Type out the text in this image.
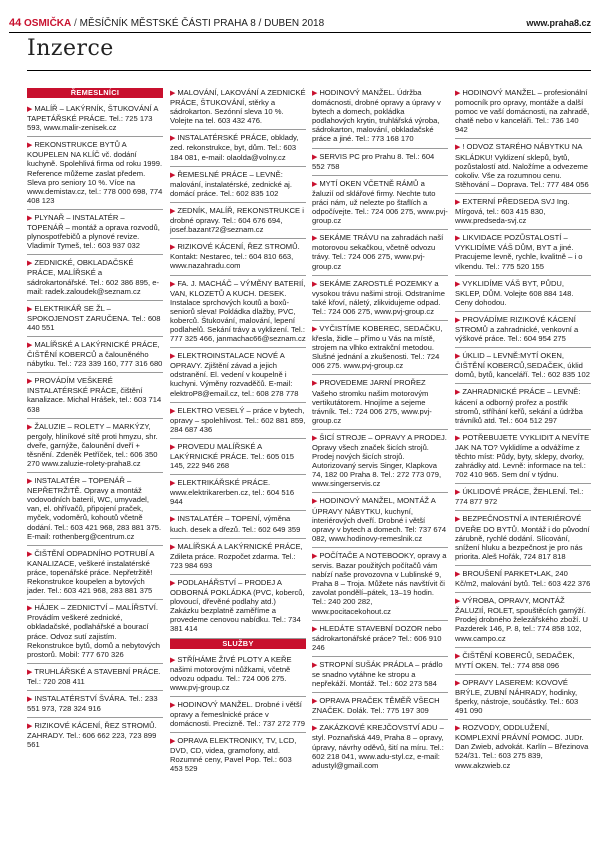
44 OSMIČKA / MĚSÍČNÍK MĚSTSKÉ ČÁSTI PRAHA 8 / DUBEN 2018	www.praha8.cz
Inzerce
ŘEMESLNÍCI
▶ MALÍŘ – LAKÝRNÍK, ŠTUKOVÁNÍ A TAPETÁŘSKÉ PRÁCE. Tel.: 725 173 593, www.malir-zenisek.cz
▶ REKONSTRUKCE BYTŮ A KOUPELEN NA KLÍČ vč. dodání kuchyně. Spolehlivá firma od roku 1999. Reference můžeme zaslat předem. Sleva pro seniory 10 %. Více na www.demistav.cz, tel.: 778 000 698, 774 408 123
▶ PLYNAŘ – INSTALATÉR – TOPENÁŘ – montáž a oprava rozvodů, plynospotřebičů a plynové revize. Vladimír Tymeš, tel.: 603 937 032
▶ ZEDNICKÉ, OBKLADAČSKÉ PRÁCE, MALÍŘSKÉ a sádrokartonářské. Tel.: 602 386 895, e-mail: radek.zaloudek@seznam.cz
▶ ELEKTRIKÁŘ SE ŽL – SPOKOJENOST ZARUČENA. Tel.: 608 440 551
▶ MALÍŘSKÉ A LAKÝRNICKÉ PRÁCE, ČIŠTĚNÍ KOBERCŮ a čalouněného nábytku. Tel.: 723 339 160, 777 316 680
▶ PROVÁDÍM VEŠKERÉ INSTALATÉRSKÉ PRÁCE, čištění kanalizace. Michal Hrášek, tel.: 603 714 638
▶ ŽALUZIE – ROLETY – MARKÝZY, pergoly, hliníkové sítě proti hmyzu, shr. dveře, garnýže, čalounění dveří + těsnění. Zdeněk Petříček, tel.: 606 350 270 www.zaluzie-rolety-praha8.cz
▶ INSTALATÉR – TOPENÁŘ – NEPŘETRŽITĚ. Opravy a montáž vodovodních baterií, WC, umyvadel, van, el. ohřívačů, připojení praček, myček, vodoměrů, kohoutů včetně dodání. Tel.: 603 421 968, 283 881 375. E-mail: rothenberg@centrum.cz
▶ ČIŠTĚNÍ ODPADNÍHO POTRUBÍ A KANALIZACE, veškeré instalatérské práce, topenářské práce. Nepřetržitě! Rekonstrukce koupelen a bytových jader. Tel.: 603 421 968, 283 881 375
▶ HÁJEK – ZEDNICTVÍ – MALÍŘSTVÍ. Provádím veškeré zednické, obkladačské, podlahářské a bourací práce. Odvoz sutí zajistím. Rekonstrukce bytů, domů a nebytových prostorů. Mobil: 777 670 326
▶ TRUHLÁŘSKÉ A STAVEBNÍ PRÁCE. Tel.: 720 208 411
▶ INSTALATÉRSTVÍ ŠVÁRA. Tel.: 233 551 973, 728 324 916
▶ RIZIKOVÉ KÁCENÍ, ŘEZ STROMŮ. ZAHRADY. Tel.: 606 662 223, 723 899 561
▶ MALOVÁNÍ, LAKOVÁNÍ A ZEDNICKÉ PRÁCE, ŠTUKOVÁNÍ, stěrky a sádrokarton. Sezónní sleva 10 %. Volejte na tel. 603 432 476.
▶ INSTALATÉRSKÉ PRÁCE, obklady, zed. rekonstrukce, byt, dům. Tel.: 603 184 081, e-mail: olaolda@volny.cz
▶ ŘEMESLNÉ PRÁCE – LEVNĚ: malování, instalatérské, zednické aj. domácí práce. Tel.: 602 835 102
▶ ZEDNÍK, MALÍŘ, REKONSTRUKCE i drobné opravy. Tel.: 604 676 694, josef.bazant72@seznam.cz
▶ RIZIKOVÉ KÁCENÍ, ŘEZ STROMŮ. Kontakt: Nestarec, tel.: 604 810 663, www.nazahradu.com
▶ FA. J. MACHÁČ – VÝMĚNY BATERIÍ, VAN, KLOZETŮ A KUCH. DESEK. Instalace sprchových koutů a boxů-seniorů sleva! Pokládka dlažby, PVC, koberců. Štukování, malování, lepení podlahelů. Sekání trávy a vyklizení. Tel.: 777 325 466, janmachac66@seznam.cz
▶ ELEKTROINSTALACE NOVÉ A OPRAVY. Zjištění závad a jejich odstranění. El. vedení v koupelně i kuchyni. Výměny rozvaděčů. E-mail: elektroP8@email.cz, tel.: 608 278 778
▶ ELEKTRO VESELÝ – práce v bytech, opravy – spolehlivost. Tel.: 602 881 859, 284 687 436
▶ PROVEDU MALÍŘSKÉ A LAKÝRNICKÉ PRÁCE. Tel.: 605 015 145, 222 946 268
▶ ELEKTRIKÁŘSKÉ PRÁCE. www.elektrikarerben.cz, tel.: 604 516 944
▶ INSTALATÉR – TOPENÍ, výměna kuch. desek a dřezů. Tel.: 602 649 359
▶ MALÍŘSKÁ A LAKÝRNICKÉ PRÁCE, Zdileta práce. Rozpočet zdarma. Tel.: 723 984 693
▶ PODLAHÁŘSTVÍ – PRODEJ A ODBORNÁ POKLÁDKA (PVC, koberců, plovoucí, dřevěné podlahy atd.) Zakázku bezplatně zaměříme a provedeme cenovou nabídku. Tel.: 734 381 414
SLUŽBY
▶ STŘÍHÁME ŽIVÉ PLOTY A KEŘE našimi motorovými nůžkami, včetně odvozu odpadu. Tel.: 724 006 275. www.pvj-group.cz
▶ HODINOVÝ MANŽEL. Drobné i větší opravy a řemeslnické práce v domácnosti. Precizně. Tel.: 737 272 779
▶ OPRAVA ELEKTRONIKY, TV, LCD, DVD, CD, videa, gramofony, atd. Rozumné ceny, Pavel Pop. Tel.: 603 453 529
▶ HODINOVÝ MANŽEL. Údržba domácnosti, drobné opravy a úpravy v bytech a domech, pokládka podlahových krytin, truhlářská výroba, sádrokarton, malování, obkladačské práce a jiné. Tel.: 773 168 170
▶ SERVIS PC pro Prahu 8. Tel.: 604 552 758
▶ MYTÍ OKEN VČETNĚ RÁMŮ a žaluzií od sklářové firmy. Nechte tuto práci nám, už nelezte po štaflích a odpočívejte. Tel.: 724 006 275, www.pvj-group.cz
▶ SEKÁME TRÁVU na zahradách naší motorovou sekačkou, včetně odvozu trávy. Tel.: 724 006 275, www.pvj-group.cz
▶ SEKÁME ZAROSTLÉ POZEMKY a vysokou trávu našimi stroji. Odstraníme také křoví, náletý, zlikvidujeme odpad. Tel.: 724 006 275, www.pvj-group.cz
▶ VYČISTÍME KOBEREC, SEDAČKU, křesla, židle – přímo u Vás na místě, strojem na vlhko extrakční metodou. Slušné jednání a zkušenosti. Tel.: 724 006 275. www.pvj-group.cz
▶ PROVEDEME JARNÍ PROŘEZ Vašeho stromku našim motorovým vertikutátorem. Hnojíme a sejeme trávník. Tel.: 724 006 275, www.pvj-group.cz
▶ ŠICÍ STROJE – OPRAVY A PRODEJ. Opravy všech značek šicích strojů. Prodej nových šicích strojů. Autorizovaný servis Singer, Klapkova 74, 182 00 Praha 8. Tel.: 272 773 079, www.singerservis.cz
▶ HODINOVÝ MANŽEL, MONTÁŽ A ÚPRAVY NÁBYTKU, kuchyní, interiérových dveří. Drobné i větší opravy v bytech a domech. Tel: 737 674 082, www.hodinovy-remeslnik.cz
▶ POČÍTAČE A NOTEBOOKY, opravy a servis. Bazar použitých počítačů vám nabízí naše provozovna v Lublinské 9, Praha 8 – Troja. Můžete nás navštívit či zavolat pondělí–pátek, 13–19 hodin. Tel.: 240 200 282, www.pocitacekohout.cz
▶ HLEDÁTE STAVEBNÍ DOZOR nebo sádrokartonářské práce? Tel.: 606 910 246
▶ STROPNÍ SUŠÁK PRÁDLA – prádlo se snadno vytáhne ke stropu a nepřekáží. Montáž. Tel.: 602 273 584
▶ OPRAVA PRAČEK TĚMĚŘ VŠECH ZNAČEK. Dolák. Tel.: 775 197 309
▶ ZAKÁZKOVÉ KREJČOVSTVÍ ADU – styl. Poznaňská 449, Praha 8 – opravy, úpravy, návrhy oděvů, šití na míru. Tel.: 602 218 041, www.adu-styl.cz, e-mail: adustyl@gmail.com
▶ HODINOVÝ MANŽEL – profesionální pomocník pro opravy, montáže a další pomoc ve vaší domácnosti, na zahradě, chatě nebo v kanceláři. Tel.: 736 140 942
▶ ! ODVOZ STARÉHO NÁBYTKU NA SKLÁDKU! Vyklizení sklepů, bytů, pozůstalostí atd. Naložíme a odvezeme cokoliv. Vše za rozumnou cenu. Stěhování – Doprava. Tel.: 777 484 056
▶ EXTERNÍ PŘEDSEDA SVJ Ing. Mírgová, tel.: 603 415 830, www.predseda-svj.cz
▶ LIKVIDACE POZŮSTALOSTÍ – VYKLIDÍME VÁŠ DŮM, BYT a jiné. Pracujeme levně, rychle, kvalitně – i o víkendu. Tel.: 775 520 155
▶ VYKLIDÍME VÁŠ BYT, PŮDU, SKLEP, DŮM. Volejte 608 884 148. Ceny dohodou.
▶ PROVÁDÍME RIZIKOVÉ KÁCENÍ STROMŮ a zahradnické, venkovní a výškové práce. Tel.: 604 954 275
▶ ÚKLID – LEVNĚ:MYTÍ OKEN, ČIŠTĚNÍ KOBERCŮ,SEDAČEK, úklid domů, bytů, kanceláří. Tel.: 602 835 102
▶ ZAHRADNICKÉ PRÁCE – LEVNĚ: kácení a odborný prořez a postřik stromů, stříhání keřů, sekání a údržba trávníků atd. Tel.: 604 512 297
▶ POTŘEBUJETE VYKLIDIT A NEVÍTE JAK NA TO? Vyklidíme a odvážíme z těchto míst: Půdy, byty, sklepy, dvorky, zahrádky atd. Levně: informace na tel.: 702 410 965. Sem dní v týdnu.
▶ ÚKLIDOVÉ PRÁCE, ŽEHLENÍ. Tel.: 774 877 972
▶ BEZPEČNOSTNÍ A INTERIÉROVÉ DVEŘE DO BYTŮ. Montáž i do původní zárubně, rychlé dodání. Slícování, snížení hluku a bezpečnost je pro nás priorita. Aleš Hořák, 724 817 818
▶ BROUŠENÍ PARKET•LAK, 240 Kč/m2, malování bytů. Tel.: 603 422 376
▶ VÝROBA, OPRAVY, MONTÁŽ ŽALUZIÍ, ROLET, spouštěcích garnýží. Prodej drobného železářského zboží. U Pazderek 146, P. 8, tel.: 774 858 102, www.campo.cz
▶ ČIŠTĚNÍ KOBERCŮ, SEDAČEK, MYTÍ OKEN. Tel.: 774 858 096
▶ OPRAVY LASEREM: KOVOVÉ BRÝLE, ZUBNÍ NÁHRADY, hodinky, šperky, nástroje, součástky. Tel.: 603 491 090
▶ ROZVODY, ODDLUŽENÍ, KOMPLEXNÍ PRÁVNÍ POMOC. JUDr. Dan Zwieb, advokát. Karlín – Březinova 524/31. Tel.: 603 275 839, www.akzwieb.cz
